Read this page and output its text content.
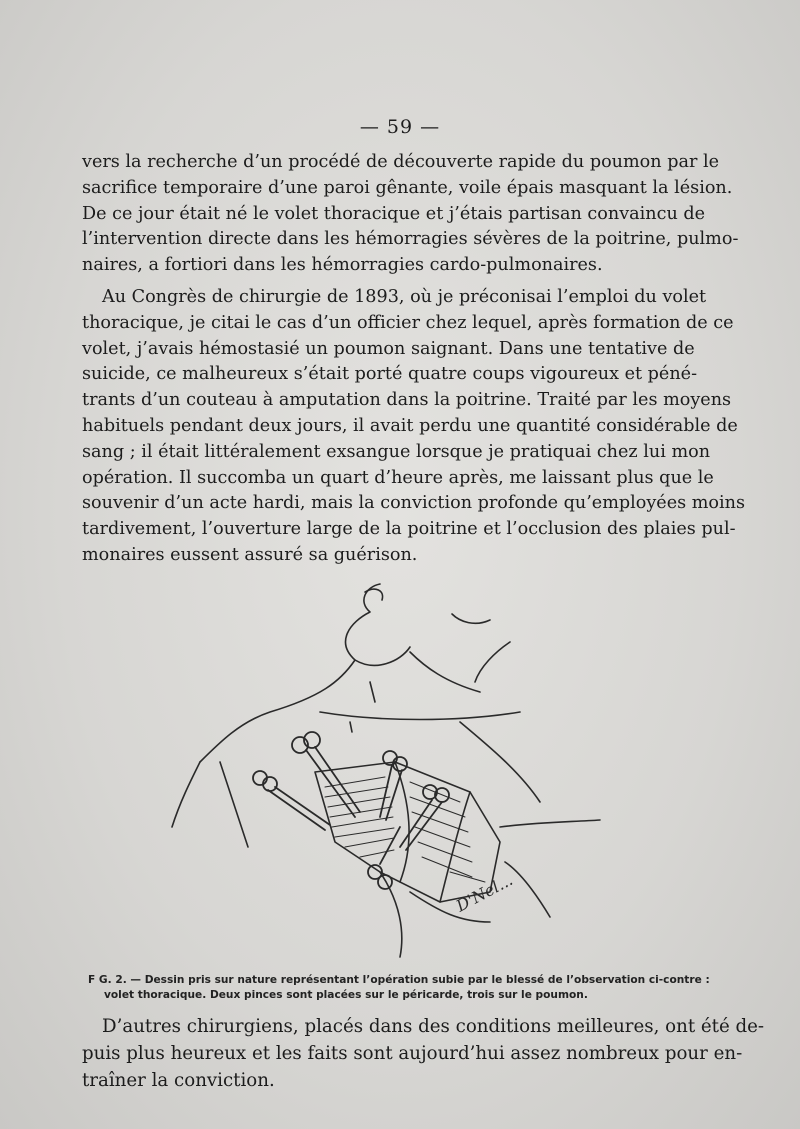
— 59 —

vers la recherche d’un procédé de découverte rapide du poumon par le
sacrifice temporaire d’une paroi gênante, voile épais masquant la lésion.
De ce jour était né le volet thoracique et j’étais partisan convaincu de
l’intervention directe dans les hémorragies sévères de la poitrine, pulmo-
naires, a fortiori dans les hémorragies cardo-pulmonaires.

Au Congrès de chirurgie de 1893, où je préconisai l’emploi du volet
thoracique, je citai le cas d’un officier chez lequel, après formation de ce
volet, j’avais hémostasié un poumon saignant. Dans une tentative de
suicide, ce malheureux s’était porté quatre coups vigoureux et péné-
trants d’un couteau à amputation dans la poitrine. Traité par les moyens
habituels pendant deux jours, il avait perdu une quantité considérable de
sang ; il était littéralement exsangue lorsque je pratiquai chez lui mon
opération. Il succomba un quart d’heure après, me laissant plus que le
souvenir d’un acte hardi, mais la conviction profonde qu’employées moins
tardivement, l’ouverture large de la poitrine et l’occlusion des plaies pul-
monaires eussent assuré sa guérison.

D'Nel...
F G. 2. — Dessin pris sur nature représentant l’opération subie par le blessé de l’observation ci-contre :
volet thoracique. Deux pinces sont placées sur le péricarde, trois sur le poumon.

D’autres chirurgiens, placés dans des conditions meilleures, ont été de-
puis plus heureux et les faits sont aujourd’hui assez nombreux pour en-
traîner la conviction.
